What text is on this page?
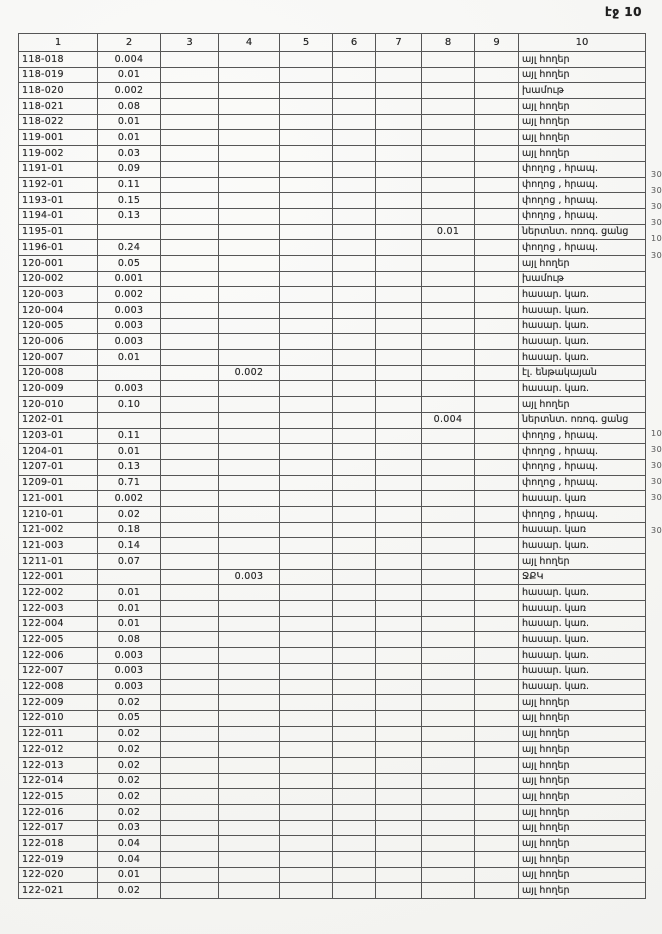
էջ 10
1	2	3	4	5	6	7	8	9	10
118-018	0.004								այլ հողեր
118-019	0.01								այլ հողեր
118-020	0.002								խամութ
118-021	0.08								այլ հողեր
118-022	0.01								այլ հողեր
119-001	0.01								այլ հողեր
119-002	0.03								այլ հողեր
1191-01	0.09								փողոց , հրապ.
1192-01	0.11								փողոց , հրապ.
1193-01	0.15								փողոց , հրապ.
1194-01	0.13								փողոց , հրապ.
1195-01							0.01		ներտնտ. ոռոգ. ցանց
1196-01	0.24								փողոց , հրապ.
120-001	0.05								այլ հողեր
120-002	0.001								խամութ
120-003	0.002								հասար. կառ.
120-004	0.003								հասար. կառ.
120-005	0.003								հասար. կառ.
120-006	0.003								հասար. կառ.
120-007	0.01								հասար. կառ.
120-008			0.002						էլ. ենթակայան
120-009	0.003								հասար. կառ.
120-010	0.10								այլ հողեր
1202-01							0.004		ներտնտ. ոռոգ. ցանց
1203-01	0.11								փողոց , հրապ.
1204-01	0.01								փողոց , հրապ.
1207-01	0.13								փողոց , հրապ.
1209-01	0.71								փողոց , հրապ.
121-001	0.002								հասար. կառ
1210-01	0.02								փողոց , հրապ.
121-002	0.18								հասար. կառ
121-003	0.14								հասար. կառ.
1211-01	0.07								այլ հողեր
122-001			0.003						ՋՔԿ
122-002	0.01								հասար. կառ.
122-003	0.01								հասար. կառ
122-004	0.01								հասար. կառ.
122-005	0.08								հասար. կառ.
122-006	0.003								հասար. կառ.
122-007	0.003								հասար. կառ.
122-008	0.003								հասար. կառ.
122-009	0.02								այլ հողեր
122-010	0.05								այլ հողեր
122-011	0.02								այլ հողեր
122-012	0.02								այլ հողեր
122-013	0.02								այլ հողեր
122-014	0.02								այլ հողեր
122-015	0.02								այլ հողեր
122-016	0.02								այլ հողեր
122-017	0.03								այլ հողեր
122-018	0.04								այլ հողեր
122-019	0.04								այլ հողեր
122-020	0.01								այլ հողեր
122-021	0.02								այլ հողեր
30
30
30
30
10
30
10
30
30
30
30
30
